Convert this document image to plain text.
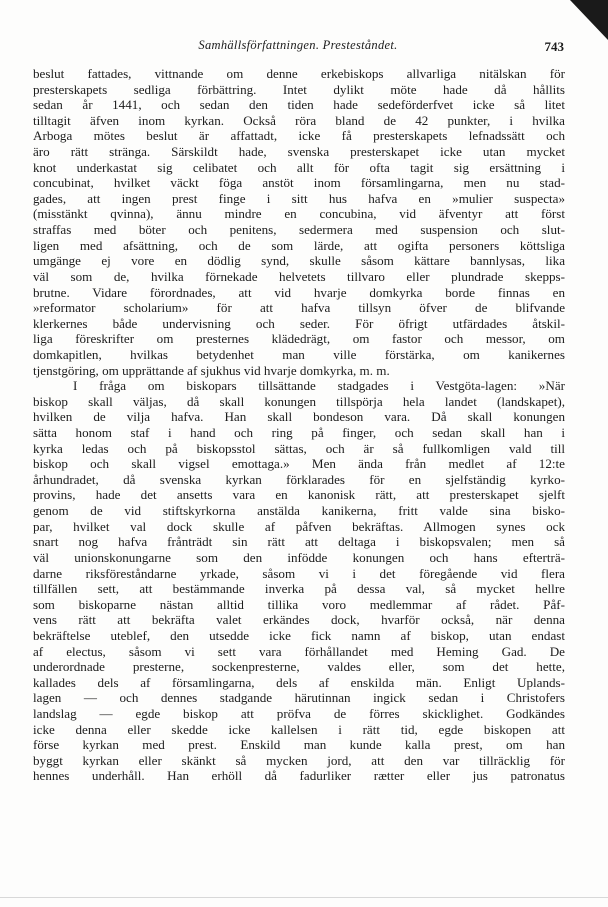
Samhällsförfattningen. Presteståndet.	743
beslut fattades, vittnande om denne erkebiskops allvarliga nitälskan för
presterskapets sedliga förbättring. Intet dylikt möte hade då hållits
sedan år 1441, och sedan den tiden hade sedeförderfvet icke så litet
tilltagit äfven inom kyrkan. Också röra bland de 42 punkter, i hvilka
Arboga mötes beslut är affattadt, icke få presterskapets lefnadssätt och
äro rätt stränga. Särskildt hade, svenska presterskapet icke utan mycket
knot underkastat sig celibatet och allt för ofta tagit sig ersättning i
concubinat, hvilket väckt föga anstöt inom församlingarna, men nu stad-
gades, att ingen prest finge i sitt hus hafva en »mulier suspecta»
(misstänkt qvinna), ännu mindre en concubina, vid äfventyr att först
straffas med böter och penitens, sedermera med suspension och slut-
ligen med afsättning, och de som lärde, att ogifta personers köttsliga
umgänge ej vore en dödlig synd, skulle såsom kättare bannlysas, lika
väl som de, hvilka förnekade helvetets tillvaro eller plundrade skepps-
brutne. Vidare förordnades, att vid hvarje domkyrka borde finnas en
»reformator scholarium» för att hafva tillsyn öfver de blifvande
klerkernes både undervisning och seder. För öfrigt utfärdades åtskil-
liga föreskrifter om presternes klädedrägt, om fastor och messor, om
domkapitlen, hvilkas betydenhet man ville förstärka, om kanikernes
tjenstgöring, om upprättande af sjukhus vid hvarje domkyrka, m. m.
I fråga om biskopars tillsättande stadgades i Vestgöta-lagen: »När
biskop skall väljas, då skall konungen tillspörja hela landet (landskapet),
hvilken de vilja hafva. Han skall bondeson vara. Då skall konungen
sätta honom staf i hand och ring på finger, och sedan skall han i
kyrka ledas och på biskopsstol sättas, och är så fullkomligen vald till
biskop och skall vigsel emottaga.» Men ända från medlet af 12:te
århundradet, då svenska kyrkan förklarades för en sjelfständig kyrko-
provins, hade det ansetts vara en kanonisk rätt, att presterskapet sjelft
genom de vid stiftskyrkorna anstälda kanikerna, fritt valde sina bisko-
par, hvilket val dock skulle af påfven bekräftas. Allmogen synes ock
snart nog hafva frånträdt sin rätt att deltaga i biskopsvalen; men så
väl unionskonungarne som den infödde konungen och hans efterträ-
darne riksföreståndarne yrkade, såsom vi i det föregående vid flera
tillfällen sett, att bestämmande inverka på dessa val, så mycket hellre
som biskoparne nästan alltid tillika voro medlemmar af rådet. Påf-
vens rätt att bekräfta valet erkändes dock, hvarför också, när denna
bekräftelse uteblef, den utsedde icke fick namn af biskop, utan endast
af electus, såsom vi sett vara förhållandet med Heming Gad. De
underordnade presterne, sockenpresterne, valdes eller, som det hette,
kallades dels af församlingarna, dels af enskilda män. Enligt Uplands-
lagen — och dennes stadgande härutinnan ingick sedan i Christofers
landslag — egde biskop att pröfva de förres skicklighet. Godkändes
icke denna eller skedde icke kallelsen i rätt tid, egde biskopen att
förse kyrkan med prest. Enskild man kunde kalla prest, om han
byggt kyrkan eller skänkt så mycken jord, att den var tillräcklig för
hennes underhåll. Han erhöll då fadurliker rætter eller jus patronatus
